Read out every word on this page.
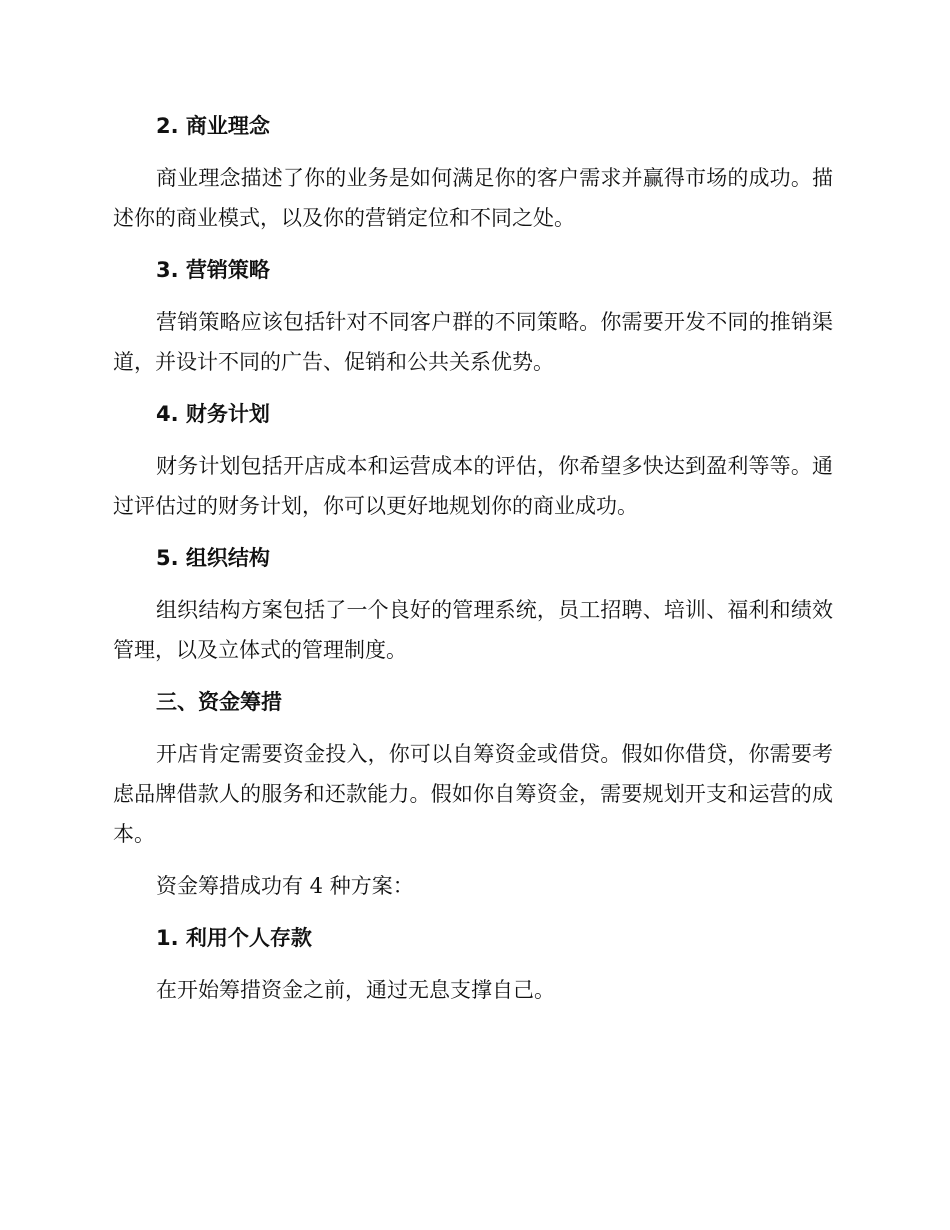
2. 商业理念

商业理念描述了你的业务是如何满足你的客户需求并赢得市场的成功。描述你的商业模式，以及你的营销定位和不同之处。

3. 营销策略

营销策略应该包括针对不同客户群的不同策略。你需要开发不同的推销渠道，并设计不同的广告、促销和公共关系优势。

4. 财务计划

财务计划包括开店成本和运营成本的评估，你希望多快达到盈利等等。通过评估过的财务计划，你可以更好地规划你的商业成功。

5. 组织结构

组织结构方案包括了一个良好的管理系统，员工招聘、培训、福利和绩效管理，以及立体式的管理制度。

三、资金筹措

开店肯定需要资金投入，你可以自筹资金或借贷。假如你借贷，你需要考虑品牌借款人的服务和还款能力。假如你自筹资金，需要规划开支和运营的成本。

资金筹措成功有 4 种方案：

1. 利用个人存款

在开始筹措资金之前，通过无息支撑自己。
